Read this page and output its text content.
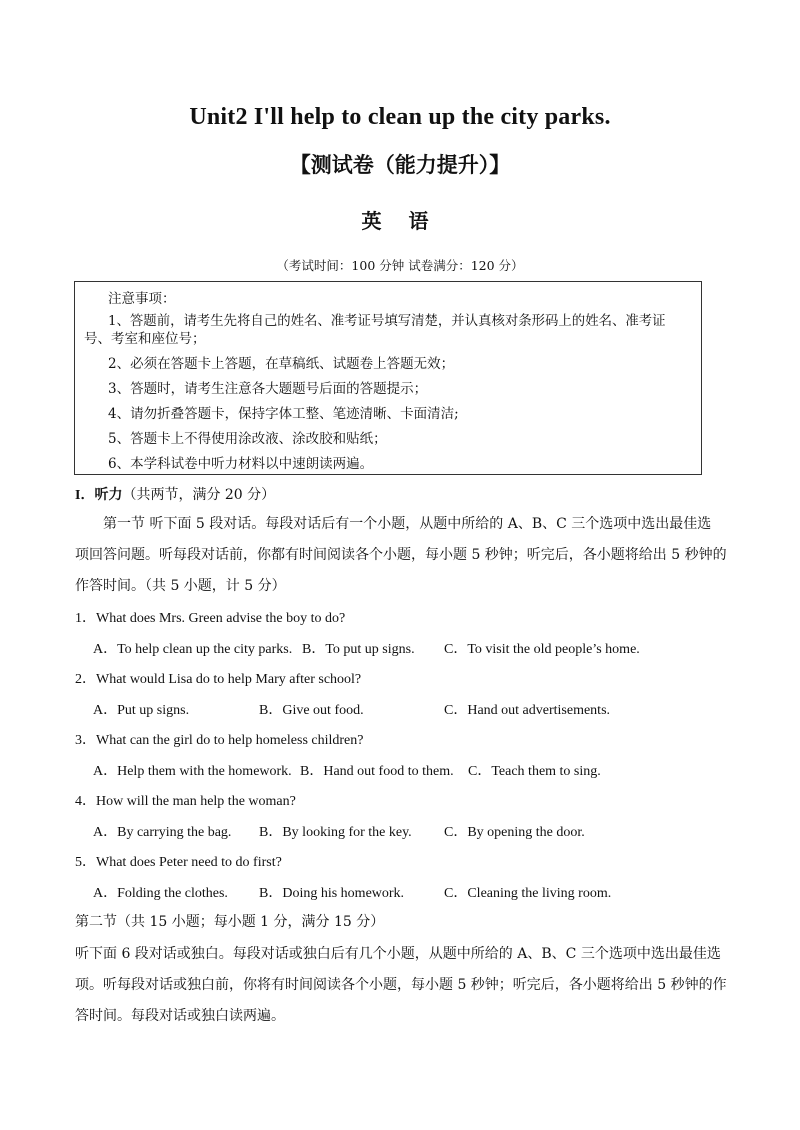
Unit2 I'll help to clean up the city parks.
【测试卷（能力提升）】
英 语
（考试时间：100 分钟 试卷满分：120 分）
注意事项：
1、答题前，请考生先将自己的姓名、准考证号填写清楚，并认真核对条形码上的姓名、准考证
号、考室和座位号；
2、必须在答题卡上答题，在草稿纸、试题卷上答题无效；
3、答题时，请考生注意各大题题号后面的答题提示；
4、请勿折叠答题卡，保持字体工整、笔迹清晰、卡面清洁;
5、答题卡上不得使用涂改液、涂改胶和贴纸；
6、本学科试卷中听力材料以中速朗读两遍。
I．听力（共两节，满分 20 分）
第一节 听下面 5 段对话。每段对话后有一个小题，从题中所给的 A、B、C 三个选项中选出最佳选
项回答问题。听每段对话前，你都有时间阅读各个小题，每小题 5 秒钟；听完后，各小题将给出 5 秒钟的
作答时间。（共 5 小题，计 5 分）
1．What does Mrs. Green advise the boy to do?
A．To help clean up the city parks. B．To put up signs. C．To visit the old people’s home.
2．What would Lisa do to help Mary after school?
A．Put up signs.	B．Give out food.	C．Hand out advertisements.
3．What can the girl do to help homeless children?
A．Help them with the homework. B．Hand out food to them. C．Teach them to sing.
4．How will the man help the woman?
A．By carrying the bag. B．By looking for the key. C．By opening the door.
5．What does Peter need to do first?
A．Folding the clothes. B．Doing his homework.	C．Cleaning the living room.
第二节（共 15 小题；每小题 1 分，满分 15 分）
听下面 6 段对话或独白。每段对话或独白后有几个小题，从题中所给的 A、B、C 三个选项中选出最佳选
项。听每段对话或独白前，你将有时间阅读各个小题，每小题 5 秒钟；听完后，各小题将给出 5 秒钟的作
答时间。每段对话或独白读两遍。
